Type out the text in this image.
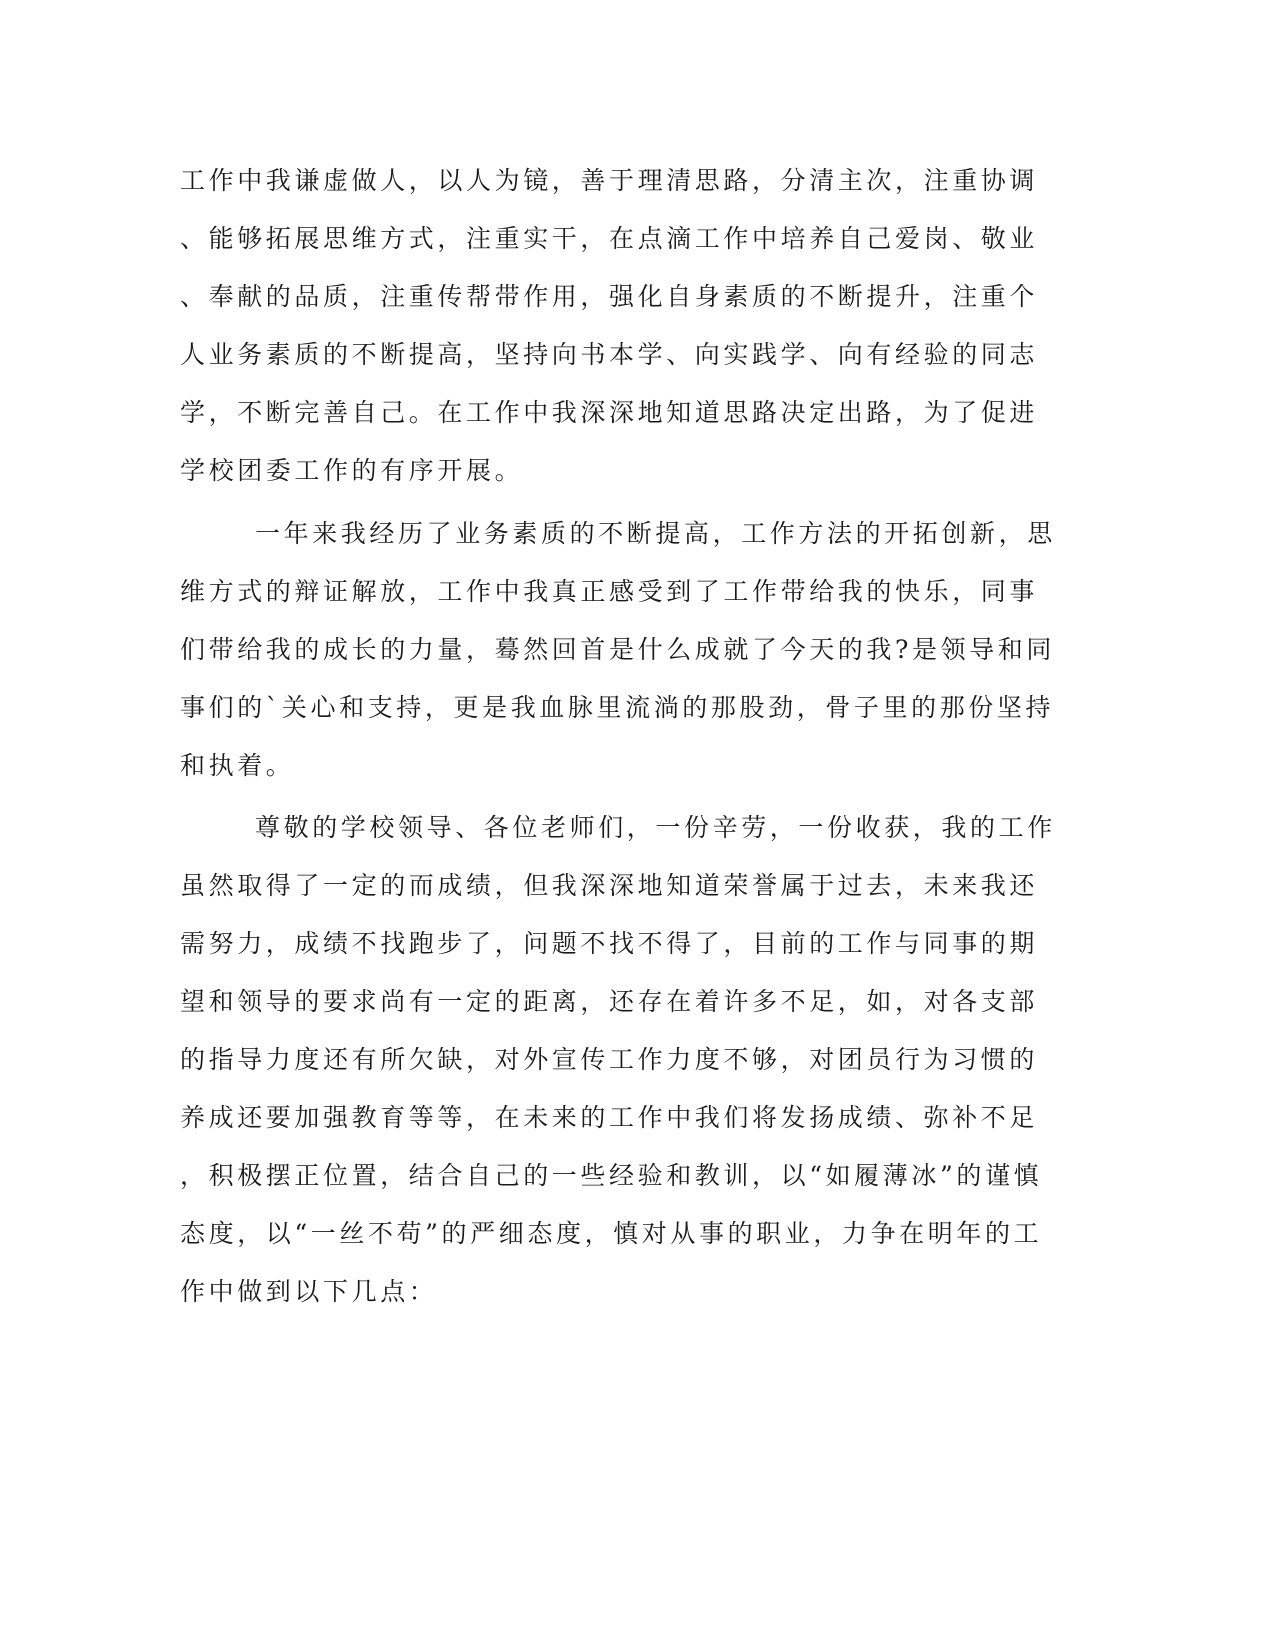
工作中我谦虚做人，以人为镜，善于理清思路，分清主次，注重协调

、能够拓展思维方式，注重实干，在点滴工作中培养自己爱岗、敬业

、奉献的品质，注重传帮带作用，强化自身素质的不断提升，注重个

人业务素质的不断提高，坚持向书本学、向实践学、向有经验的同志

学，不断完善自己。在工作中我深深地知道思路决定出路，为了促进

学校团委工作的有序开展。

一年来我经历了业务素质的不断提高，工作方法的开拓创新，思

维方式的辩证解放，工作中我真正感受到了工作带给我的快乐，同事

们带给我的成长的力量，蓦然回首是什么成就了今天的我?是领导和同

事们的`关心和支持，更是我血脉里流淌的那股劲，骨子里的那份坚持

和执着。

尊敬的学校领导、各位老师们，一份辛劳，一份收获，我的工作

虽然取得了一定的而成绩，但我深深地知道荣誉属于过去，未来我还

需努力，成绩不找跑步了，问题不找不得了，目前的工作与同事的期

望和领导的要求尚有一定的距离，还存在着许多不足，如，对各支部

的指导力度还有所欠缺，对外宣传工作力度不够，对团员行为习惯的

养成还要加强教育等等，在未来的工作中我们将发扬成绩、弥补不足

，积极摆正位置，结合自己的一些经验和教训，以“如履薄冰”的谨慎

态度，以“一丝不苟”的严细态度，慎对从事的职业，力争在明年的工

作中做到以下几点：
